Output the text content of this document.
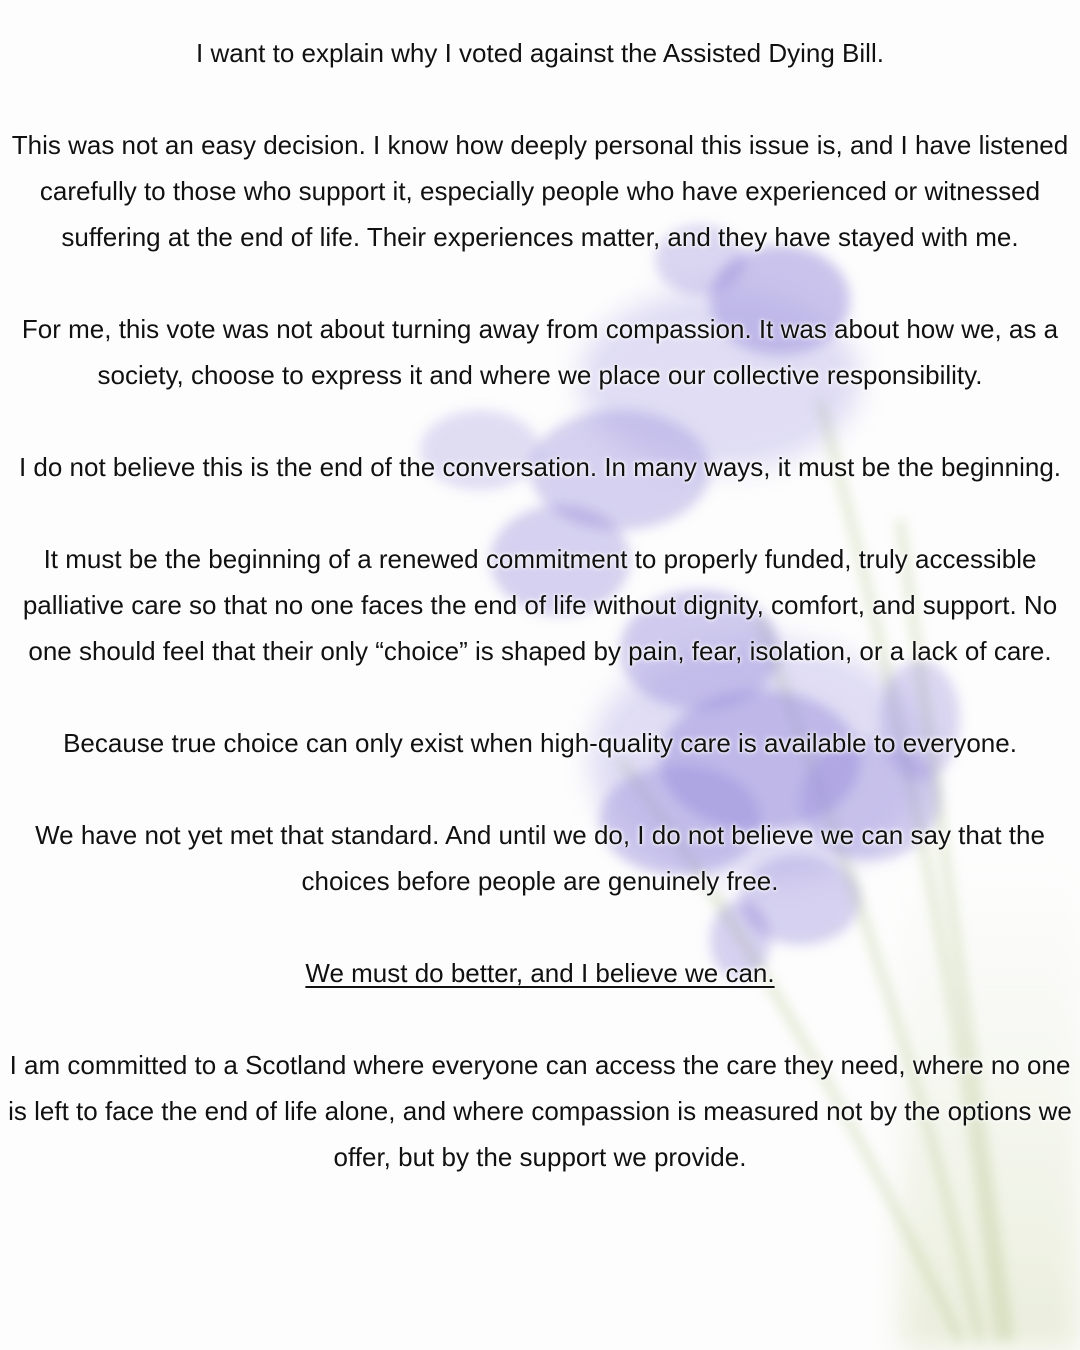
I want to explain why I voted against the Assisted Dying Bill.

This was not an easy decision. I know how deeply personal this issue is, and I have listened carefully to those who support it, especially people who have experienced or witnessed suffering at the end of life. Their experiences matter, and they have stayed with me.

For me, this vote was not about turning away from compassion. It was about how we, as a society, choose to express it and where we place our collective responsibility.

I do not believe this is the end of the conversation. In many ways, it must be the beginning.

It must be the beginning of a renewed commitment to properly funded, truly accessible palliative care so that no one faces the end of life without dignity, comfort, and support. No one should feel that their only “choice” is shaped by pain, fear, isolation, or a lack of care.

Because true choice can only exist when high-quality care is available to everyone.

We have not yet met that standard. And until we do, I do not believe we can say that the choices before people are genuinely free.

We must do better, and I believe we can.

I am committed to a Scotland where everyone can access the care they need, where no one is left to face the end of life alone, and where compassion is measured not by the options we offer, but by the support we provide.
